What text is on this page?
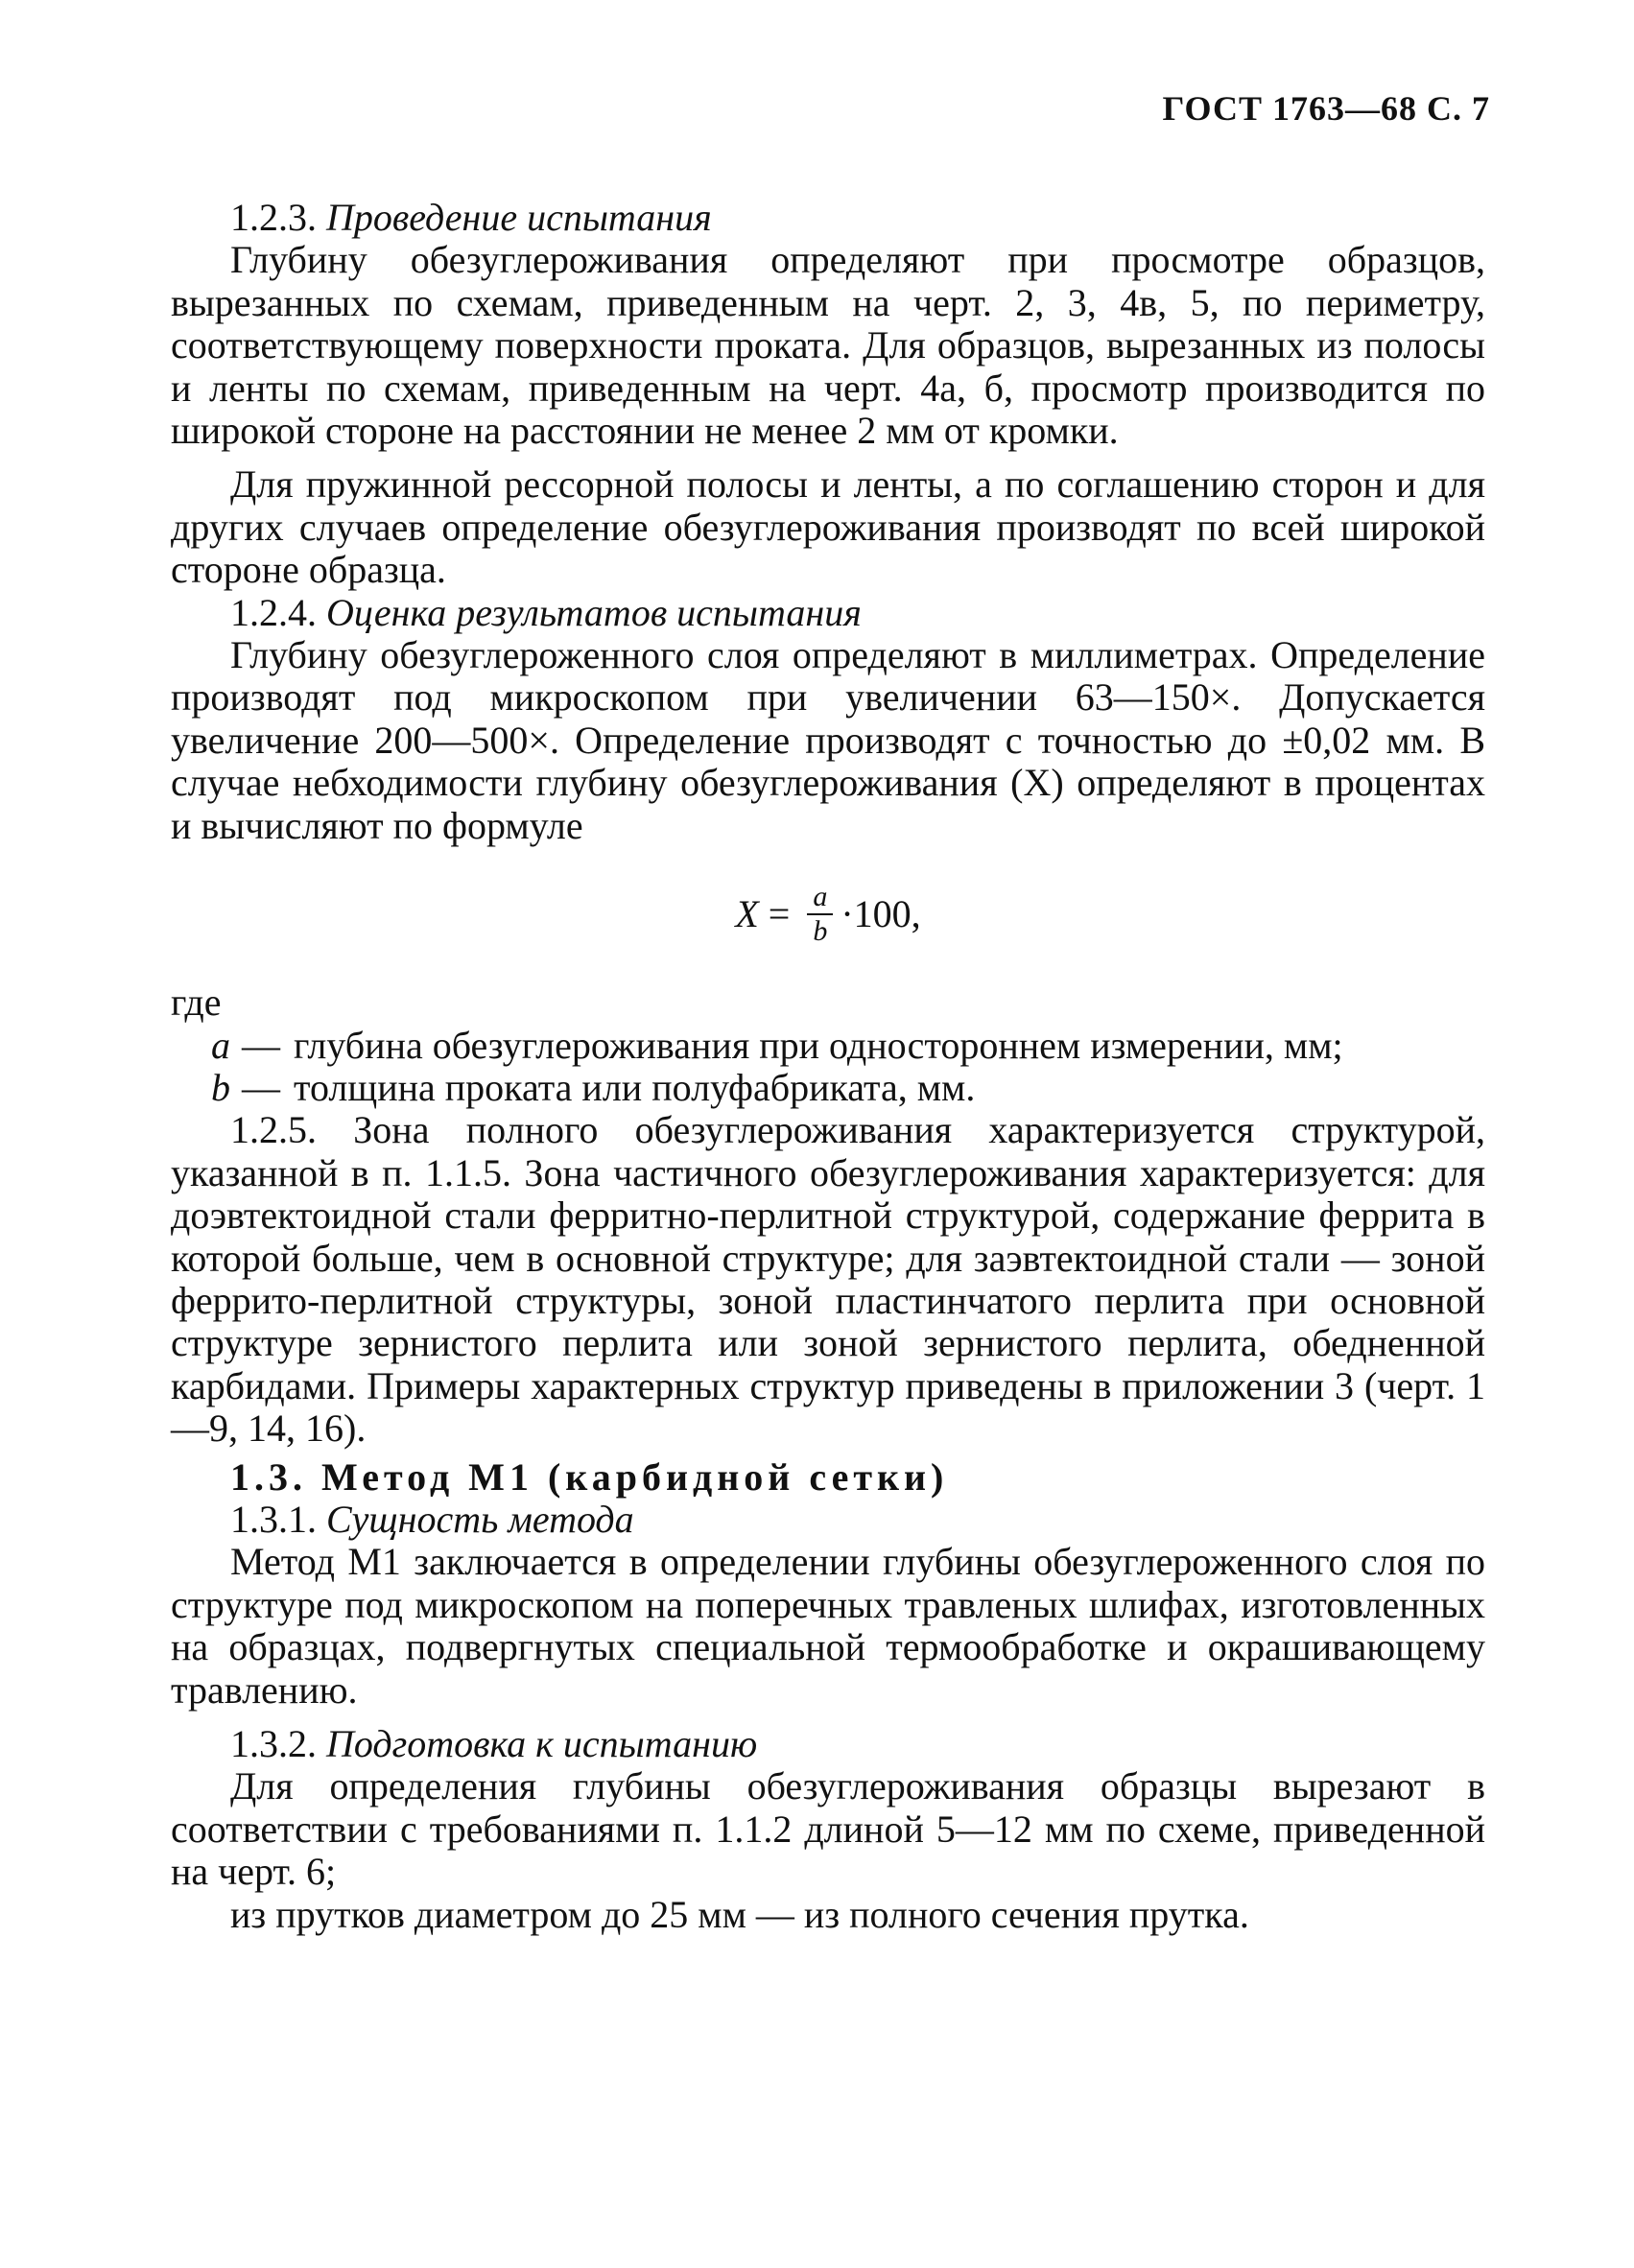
ГОСТ 1763—68 С. 7

1.2.3. Проведение испытания

Глубину обезуглероживания определяют при просмотре образцов, вырезанных по схемам, приведенным на черт. 2, 3, 4в, 5, по периметру, соответствующему поверхности проката. Для образцов, вырезанных из полосы и ленты по схемам, приведенным на черт. 4а, б, просмотр производится по широкой стороне на расстоянии не менее 2 мм от кромки.

Для пружинной рессорной полосы и ленты, а по соглашению сторон и для других случаев определение обезуглероживания производят по всей широкой стороне образца.

1.2.4. Оценка результатов испытания

Глубину обезуглероженного слоя определяют в миллиметрах. Определение производят под микроскопом при увеличении 63—150×. Допускается увеличение 200—500×. Определение производят с точностью до ±0,02 мм. В случае небходимости глубину обезуглероживания (X) определяют в процентах и вычисляют по формуле

$X = \frac{a}{b} \cdot 100$,

где

a — глубина обезуглероживания при одностороннем измерении, мм;
b — толщина проката или полуфабриката, мм.

1.2.5. Зона полного обезуглероживания характеризуется структурой, указанной в п. 1.1.5. Зона частичного обезуглероживания характеризуется: для доэвтектоидной стали ферритно-перлитной структурой, содержание феррита в которой больше, чем в основной структуре; для заэвтектоидной стали — зоной феррито-перлитной структуры, зоной пластинчатого перлита при основной структуре зернистого перлита или зоной зернистого перлита, обедненной карбидами. Примеры характерных структур приведены в приложении 3 (черт. 1—9, 14, 16).

1.3. Метод М1 (карбидной сетки)

1.3.1. Сущность метода

Метод М1 заключается в определении глубины обезуглероженного слоя по структуре под микроскопом на поперечных травленых шлифах, изготовленных на образцах, подвергнутых специальной термообработке и окрашивающему травлению.

1.3.2. Подготовка к испытанию

Для определения глубины обезуглероживания образцы вырезают в соответствии с требованиями п. 1.1.2 длиной 5—12 мм по схеме, приведенной на черт. 6;

из прутков диаметром до 25 мм — из полного сечения прутка.
